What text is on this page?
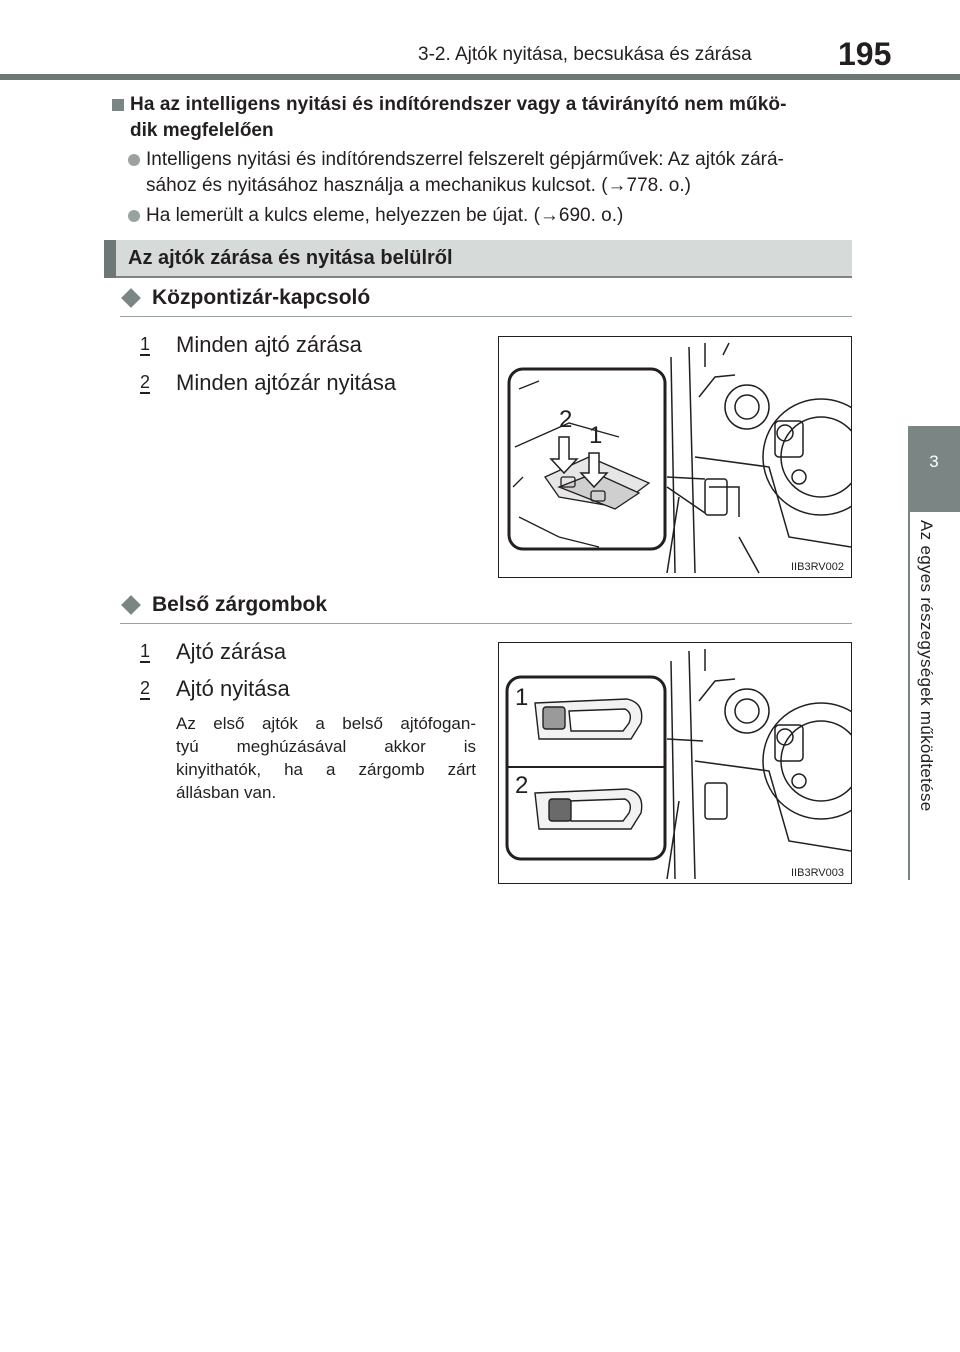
3-2. Ajtók nyitása, becsukása és zárása	195
3
Az egyes részegységek működtetése
Ha az intelligens nyitási és indítórendszer vagy a távirányító nem műkö-
dik megfelelően
Intelligens nyitási és indítórendszerrel felszerelt gépjárművek: Az ajtók zárá-
sához és nyitásához használja a mechanikus kulcsot. (→778. o.)
Ha lemerült a kulcs eleme, helyezzen be újat. (→690. o.)
Az ajtók zárása és nyitása belülről
Központizár-kapcsoló
1 Minden ajtó zárása
2 Minden ajtózár nyitása
2
1
IIB3RV002
Belső zárgombok
1 Ajtó zárása
2 Ajtó nyitása
Az első ajtók a belső ajtófogan-
tyú meghúzásával akkor is
kinyithatók, ha a zárgomb zárt
állásban van.
1
2
IIB3RV003
